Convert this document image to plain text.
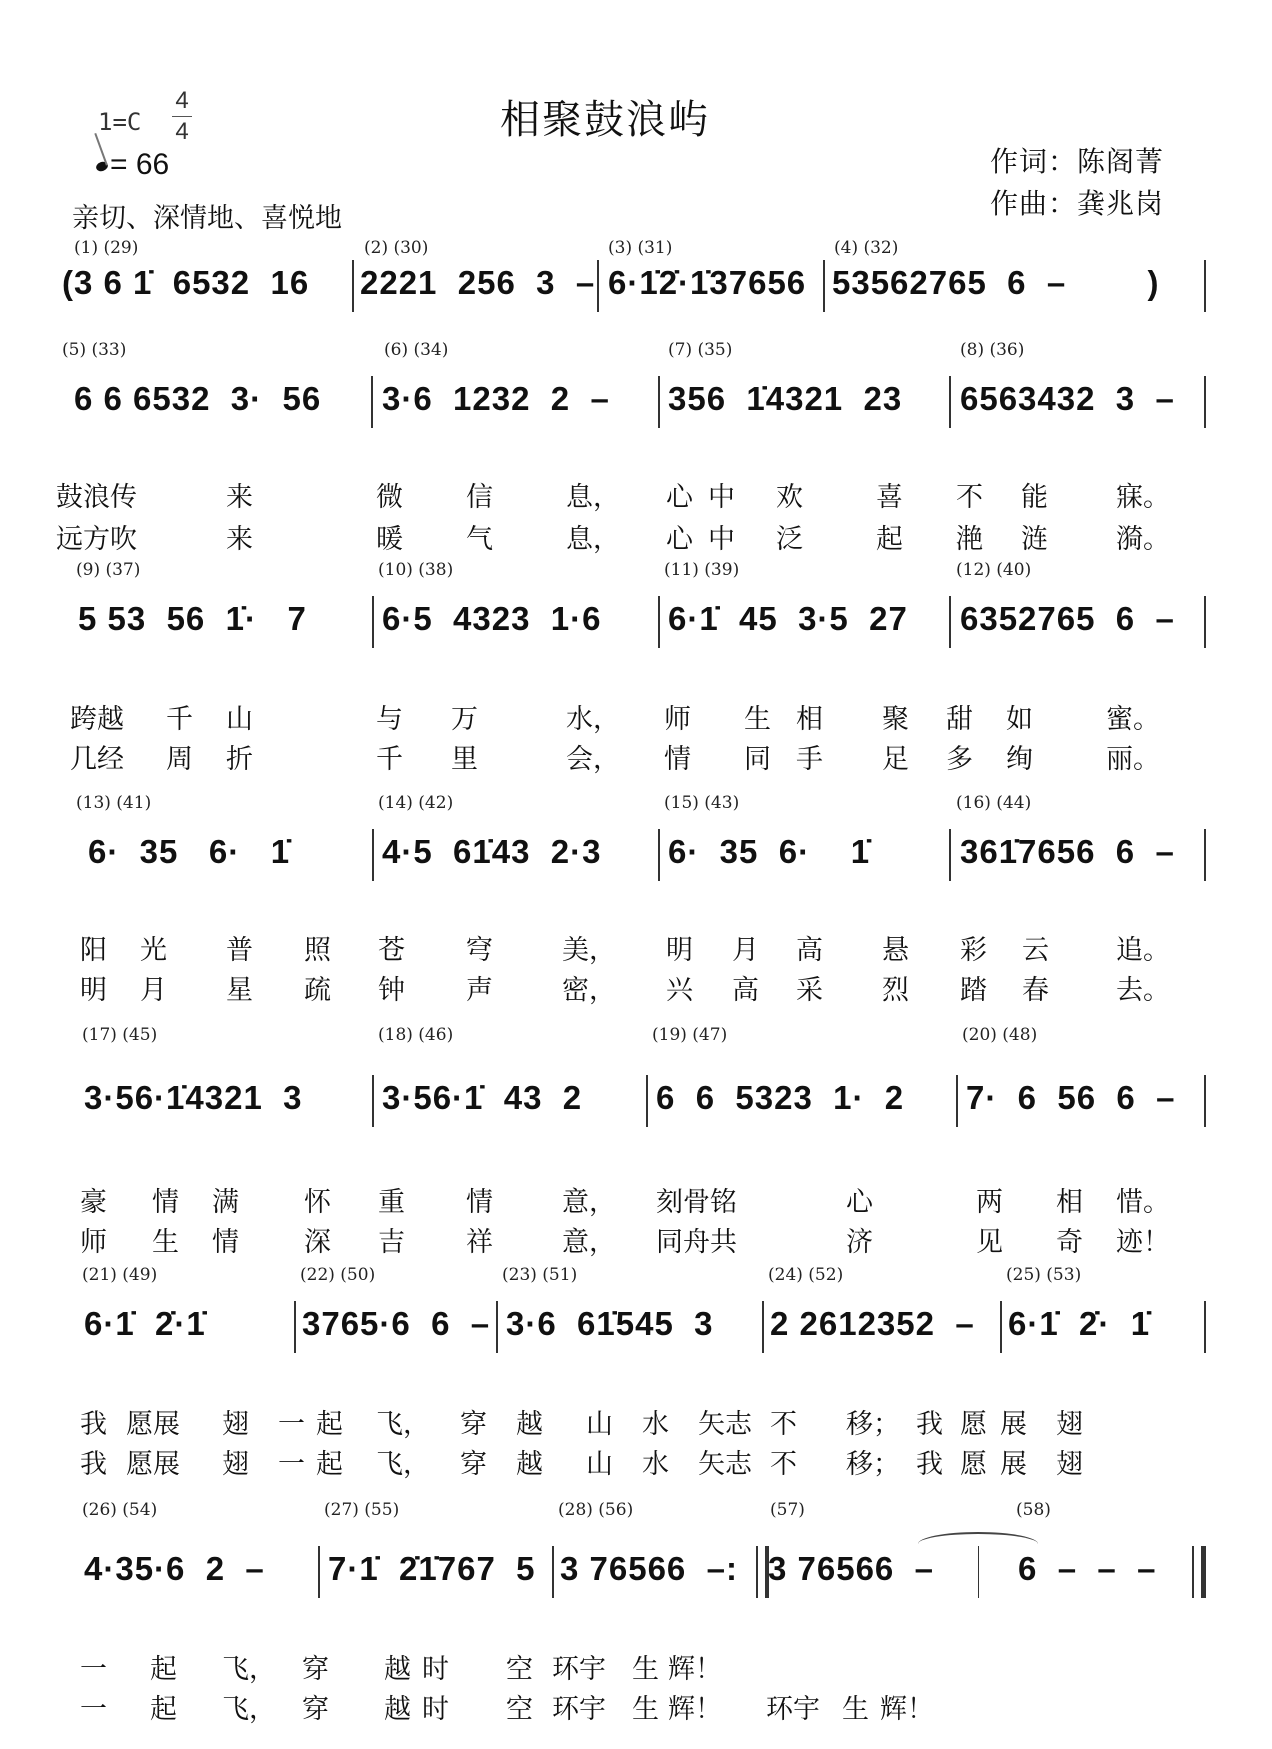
1=C
4
4
= 66
相聚鼓浪屿
作词：陈阁菁
作曲：龚兆岗
亲切、深情地、喜悦地
(1) (29)
(3 6 1̇  6532  16
(2) (30)
2221  256  3  –
(3) (31)
6·1̇2̇·1̇37656
(4) (32)
53562765  6  –        )
(5) (33)
6 6 6532  3·  56
(6) (34)
3·6  1232  2  –
(7) (35)
356  1̇4321  23
(8) (36)
6563432  3  –

鼓浪传	来	微 信	息， 心 中 欢	喜 不 能	寐。

远方吹	来	暖 气	息， 心 中 泛	起 滟 涟	漪。

(9) (37)
5 53  56  1̇·   7
(10) (38)
6·5  4323  1·6
(11) (39)
6·1̇  45  3·5  27
(12) (40)
6352765  6  –

跨越 千 山	与 万	水， 师 生 相 聚 甜 如	蜜。

几经 周 折	千 里	会， 情 同 手 足 多 绚	丽。

(13) (41)
6·  35   6·   1̇
(14) (42)
4·5  61̇43  2·3
(15) (43)
6·  35  6·    1̇
(16) (44)
361̇7656  6  –

阳 光 普 照 苍 穹	美， 明 月 高 悬 彩 云 追。

明 月 星 疏 钟 声	密， 兴 高 采 烈 踏 春 去。

(17) (45)
3·56·1̇4321  3
(18) (46)
3·56·1̇  43  2
(19) (47)
6  6  5323  1·  2
(20) (48)
7·  6  56  6  –

豪 情 满 怀 重 情	意， 刻骨铭	心	两 相 惜。

师 生 情 深 吉 祥	意， 同舟共	济	见 奇 迹！

(21) (49)
6·1̇  2̇·1̇
(22) (50)
3765·6  6  –
(23) (51)
3·6  61̇545  3
(24) (52)
2 2612352  –
(25) (53)
6·1̇  2̇·  1̇

我 愿展 翅 一 起 飞， 穿 越 山 水 矢志 不 移； 我 愿 展 翅

我 愿展 翅 一 起 飞， 穿 越 山 水 矢志 不 移； 我 愿 展 翅

(26) (54)
4·35·6  2  –
(27) (55)
7·1̇  2̇1̇767  5
(28) (56)
3 76566  –:
(57)
3 76566  –
(58)
6  –  –  –

一 起 飞， 穿 越 时 空 环宇 生 辉！

一 起 飞， 穿 越 时 空 环宇 生 辉！ 环宇 生 辉！
